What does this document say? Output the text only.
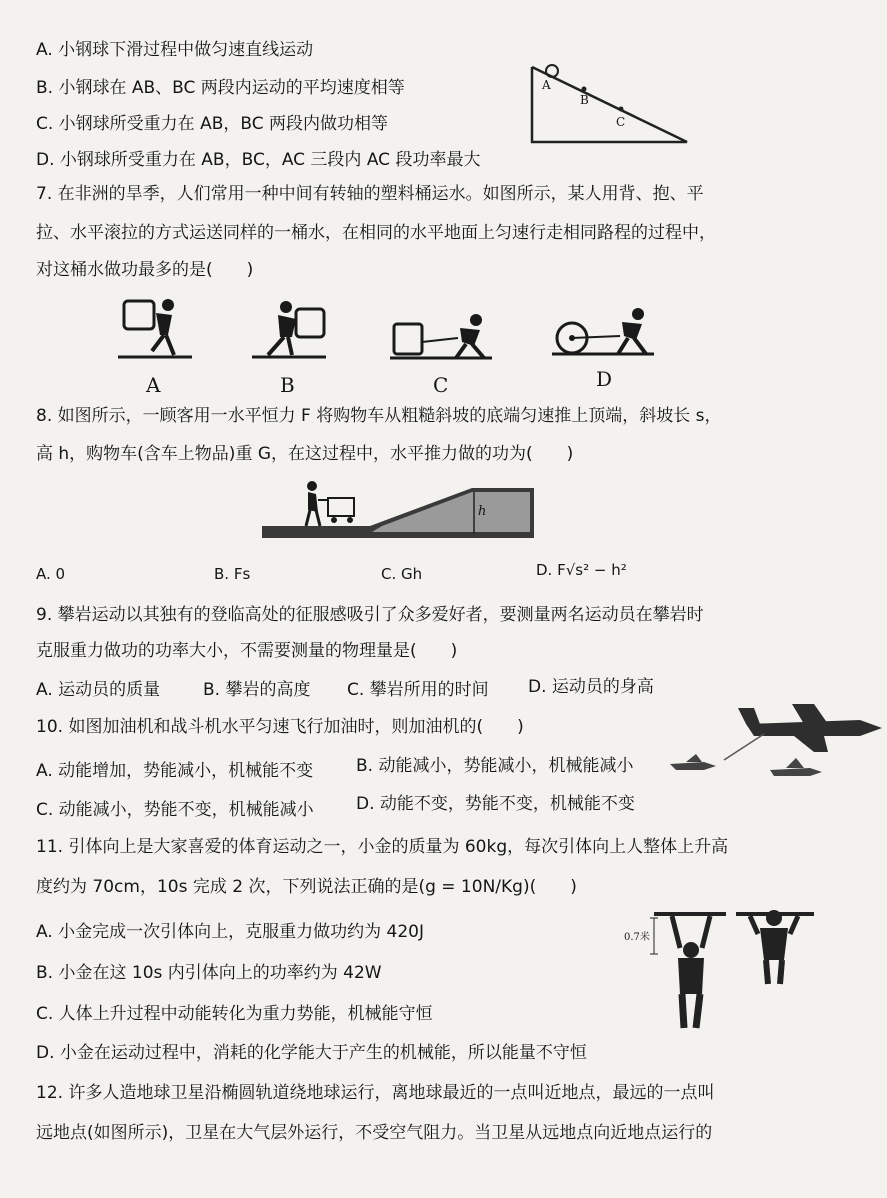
A. 小钢球下滑过程中做匀速直线运动
B. 小钢球在 AB、BC 两段内运动的平均速度相等
C. 小钢球所受重力在 AB，BC 两段内做功相等
D. 小钢球所受重力在 AB，BC，AC 三段内 AC 段功率最大
A
B
C
7. 在非洲的旱季，人们常用一种中间有转轴的塑料桶运水。如图所示，某人用背、抱、平
拉、水平滚拉的方式运送同样的一桶水，在相同的水平地面上匀速行走相同路程的过程中，
对这桶水做功最多的是(　　)
A	B	C	D
8. 如图所示，一顾客用一水平恒力 F 将购物车从粗糙斜坡的底端匀速推上顶端，斜坡长 s，
高 h，购物车(含车上物品)重 G，在这过程中，水平推力做的功为(　　)
h
A. 0	B. Fs	C. Gh	D. F√s² − h²
9. 攀岩运动以其独有的登临高处的征服感吸引了众多爱好者，要测量两名运动员在攀岩时
克服重力做功的功率大小，不需要测量的物理量是(　　)
A. 运动员的质量	B. 攀岩的高度 C. 攀岩所用的时间 D. 运动员的身高
10. 如图加油机和战斗机水平匀速飞行加油时，则加油机的(　　)
A. 动能增加，势能减小，机械能不变	B. 动能减小，势能减小，机械能减小
C. 动能减小，势能不变，机械能减小 D. 动能不变，势能不变，机械能不变
11. 引体向上是大家喜爱的体育运动之一，小金的质量为 60kg，每次引体向上人整体上升高
度约为 70cm，10s 完成 2 次，下列说法正确的是(g = 10N/Kg)(　　)
A. 小金完成一次引体向上，克服重力做功约为 420J
B. 小金在这 10s 内引体向上的功率约为 42W
C. 人体上升过程中动能转化为重力势能，机械能守恒
D. 小金在运动过程中，消耗的化学能大于产生的机械能，所以能量不守恒
0.7米
12. 许多人造地球卫星沿椭圆轨道绕地球运行，离地球最近的一点叫近地点，最远的一点叫
远地点(如图所示)，卫星在大气层外运行，不受空气阻力。当卫星从远地点向近地点运行的
